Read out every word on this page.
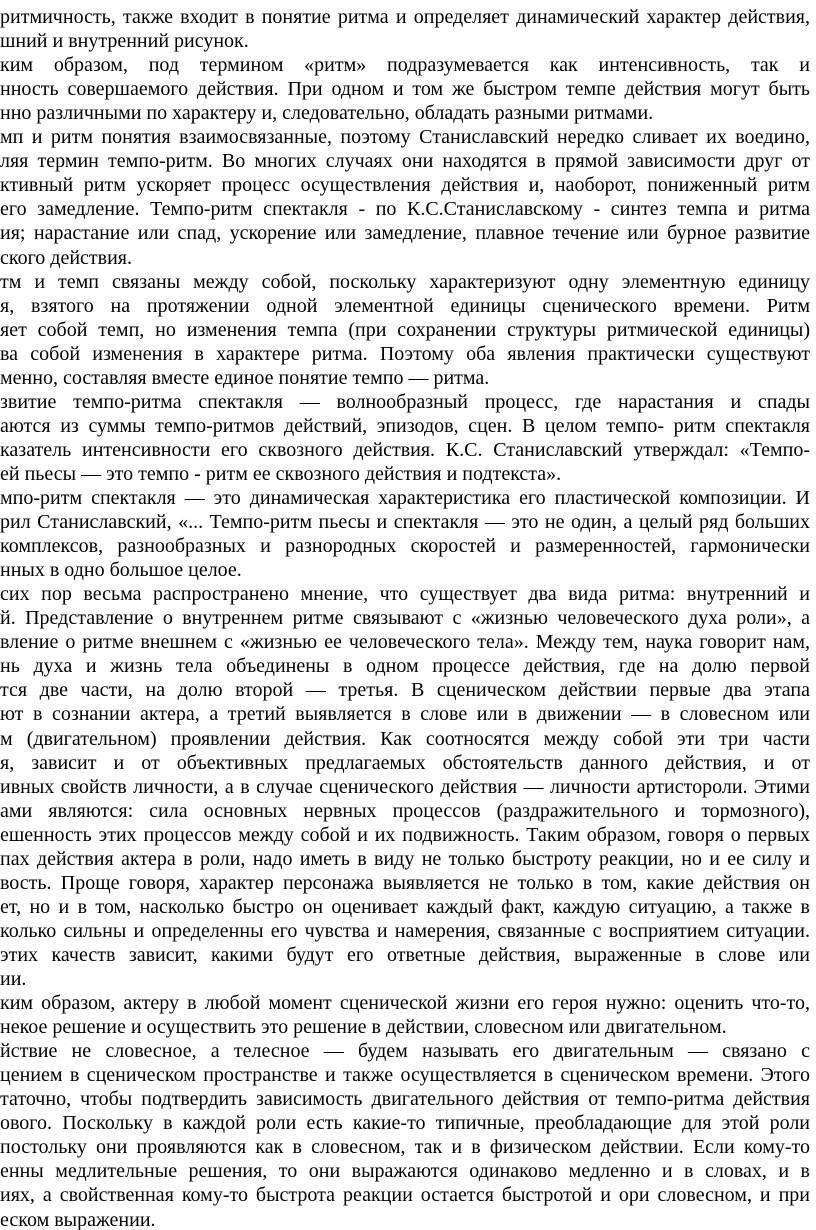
ритмичность, также входит в понятие ритма и определяет динамический характер действия,
шний и внутренний рисунок.
ким образом, под термином «ритм» подразумевается как интенсивность, так и
нность совершаемого действия. При одном и том же быстром темпе действия могут быть
нно различными по характеру и, следовательно, обладать разными ритмами.
мп и ритм понятия взаимосвязанные, поэтому Станиславский нередко сливает их воедино,
ляя термин темпо-ритм. Во многих случаях они находятся в прямой зависимости друг от
ктивный ритм ускоряет процесс осуществления действия и, наоборот, пониженный ритм
его замедление. Темпо-ритм спектакля - по К.С.Станиславскому - синтез темпа и ритма
ия; нарастание или спад, ускорение или замедление, плавное течение или бурное развитие
ского действия.
тм и темп связаны между собой, поскольку характеризуют одну элементную единицу
я, взятого на протяжении одной элементной единицы сценического времени. Ритм
яет собой темп, но изменения темпа (при сохранении структуры ритмической единицы)
ва собой изменения в характере ритма. Поэтому оба явления практически существуют
менно, составляя вместе единое понятие темпо — ритма.
звитие темпо-ритма спектакля — волнообразный процесс, где нарастания и спады
аются из суммы темпо-ритмов действий, эпизодов, сцен. В целом темпо- ритм спектакля
казатель интенсивности его сквозного действия. К.С. Станиславский утверждал: «Темпо-
ей пьесы — это темпо - ритм ее сквозного действия и подтекста».
мпо-ритм спектакля — это динамическая характеристика его пластической композиции. И
рил Станиславский, «... Темпо-ритм пьесы и спектакля — это не один, а целый ряд больших
комплексов, разнообразных и разнородных скоростей и размеренностей, гармонически
нных в одно большое целое.
сих пор весьма распространено мнение, что существует два вида ритма: внутренний и
й. Представление о внутреннем ритме связывают с «жизнью человеческого духа роли», а
вление о ритме внешнем с «жизнью ее человеческого тела». Между тем, наука говорит нам,
нь духа и жизнь тела объединены в одном процессе действия, где на долю первой
тся две части, на долю второй — третья. В сценическом действии первые два этапа
ют в сознании актера, а третий выявляется в слове или в движении — в словесном или
м (двигательном) проявлении действия. Как соотносятся между собой эти три части
я, зависит и от объективных предлагаемых обстоятельств данного действия, и от
ивных свойств личности, а в случае сценического действия — личности артистороли. Этими
ами являются: сила основных нервных процессов (раздражительного и тормозного),
ешенность этих процессов между собой и их подвижность. Таким образом, говоря о первых
пах действия актера в роли, надо иметь в виду не только быстроту реакции, но и ее силу и
вость. Проще говоря, характер персонажа выявляется не только в том, какие действия он
ет, но и в том, насколько быстро он оценивает каждый факт, каждую ситуацию, а также в
колько сильны и определенны его чувства и намерения, связанные с восприятием ситуации.
этих качеств зависит, какими будут его ответные действия, выраженные в слове или
ии.
ким образом, актеру в любой момент сценической жизни его героя нужно: оценить что-то,
некое решение и осуществить это решение в действии, словесном или двигательном.
йствие не словесное, а телесное — будем называть его двигательным — связано с
цением в сценическом пространстве и также осуществляется в сценическом времени. Этого
таточно, чтобы подтвердить зависимость двигательного действия от темпо-ритма действия
ового. Поскольку в каждой роли есть какие-то типичные, преобладающие для этой роли
постольку они проявляются как в словесном, так и в физическом действии. Если кому-то
енны медлительные решения, то они выражаются одинаково медленно и в словах, и в
иях, а свойственная кому-то быстрота реакции остается быстротой и ори словесном, и при
еском выражении.
